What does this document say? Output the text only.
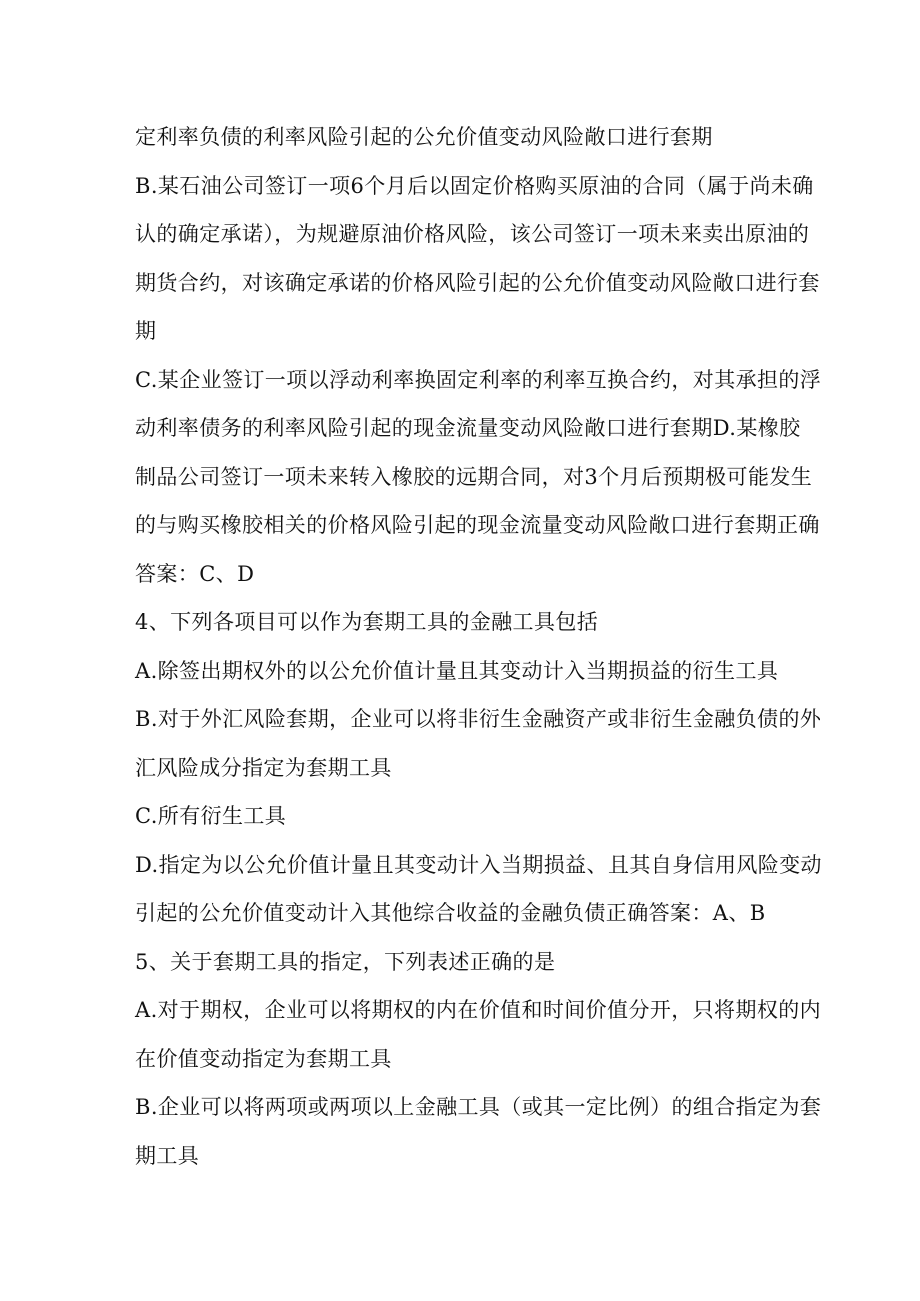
定利率负债的利率风险引起的公允价值变动风险敞口进行套期
B.某石油公司签订一项6个月后以固定价格购买原油的合同（属于尚未确
认的确定承诺），为规避原油价格风险，该公司签订一项未来卖出原油的
期货合约，对该确定承诺的价格风险引起的公允价值变动风险敞口进行套
期
C.某企业签订一项以浮动利率换固定利率的利率互换合约，对其承担的浮
动利率债务的利率风险引起的现金流量变动风险敞口进行套期D.某橡胶
制品公司签订一项未来转入橡胶的远期合同，对3个月后预期极可能发生
的与购买橡胶相关的价格风险引起的现金流量变动风险敞口进行套期正确
答案：C、D
4、下列各项目可以作为套期工具的金融工具包括
A.除签出期权外的以公允价值计量且其变动计入当期损益的衍生工具
B.对于外汇风险套期，企业可以将非衍生金融资产或非衍生金融负债的外
汇风险成分指定为套期工具
C.所有衍生工具
D.指定为以公允价值计量且其变动计入当期损益、且其自身信用风险变动
引起的公允价值变动计入其他综合收益的金融负债正确答案：A、B
5、关于套期工具的指定，下列表述正确的是
A.对于期权，企业可以将期权的内在价值和时间价值分开，只将期权的内
在价值变动指定为套期工具
B.企业可以将两项或两项以上金融工具（或其一定比例）的组合指定为套
期工具
